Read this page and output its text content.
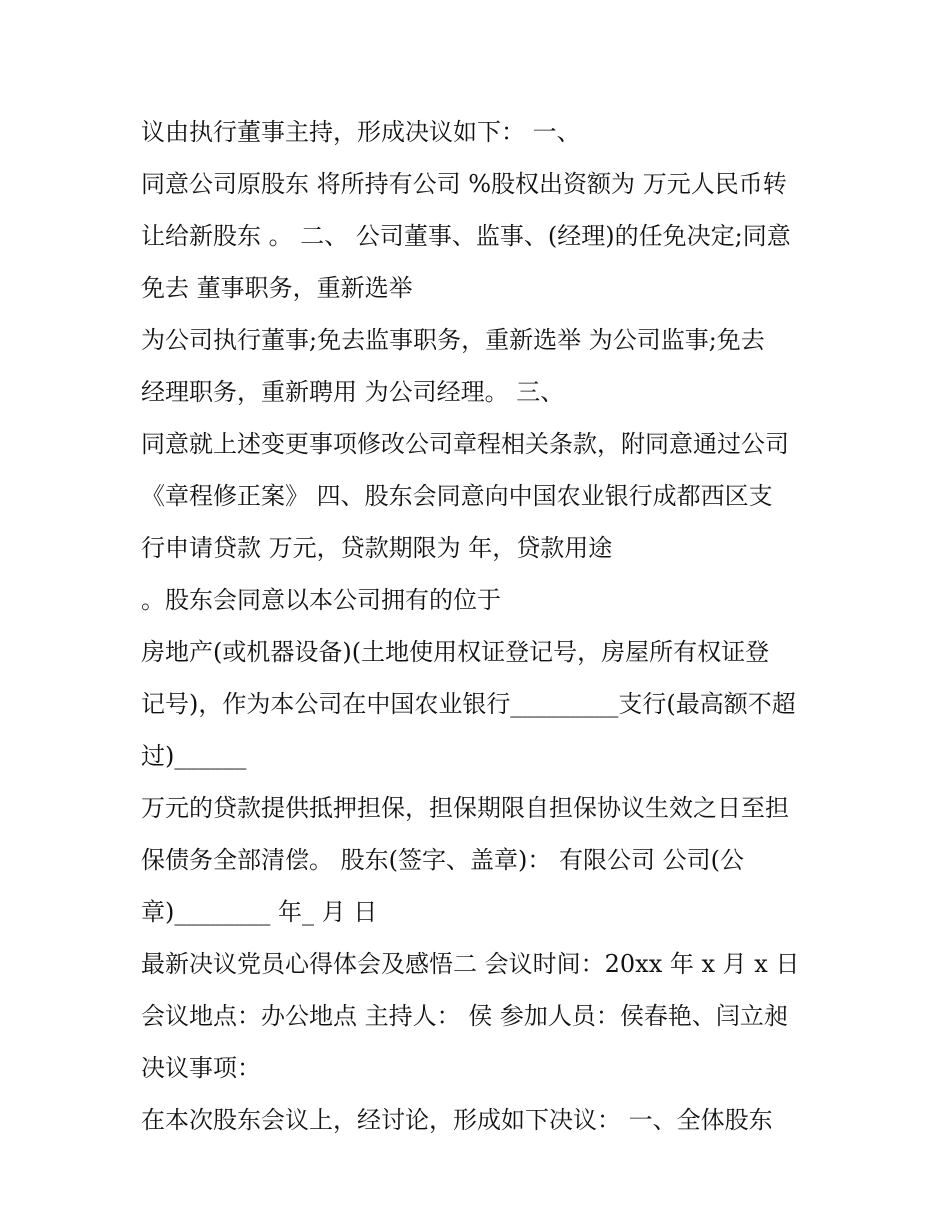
议由执行董事主持，形成决议如下： 一、
同意公司原股东 将所持有公司 %股权出资额为 万元人民币转
让给新股东 。 二、 公司董事、监事、(经理)的任免决定;同意
免去 董事职务，重新选举
为公司执行董事;免去监事职务，重新选举 为公司监事;免去
经理职务，重新聘用 为公司经理。 三、
同意就上述变更事项修改公司章程相关条款，附同意通过公司
《章程修正案》 四、股东会同意向中国农业银行成都西区支
行申请贷款 万元，贷款期限为 年，贷款用途
。股东会同意以本公司拥有的位于
房地产(或机器设备)(土地使用权证登记号，房屋所有权证登
记号)，作为本公司在中国农业银行_________支行(最高额不超
过)______
万元的贷款提供抵押担保，担保期限自担保协议生效之日至担
保债务全部清偿。 股东(签字、盖章)： 有限公司 公司(公
章)________ 年_ 月 日
最新决议党员心得体会及感悟二 会议时间：20xx 年 x 月 x 日
会议地点：办公地点 主持人： 侯 参加人员：侯春艳、闫立昶
决议事项：
在本次股东会议上，经讨论，形成如下决议： 一、全体股东
